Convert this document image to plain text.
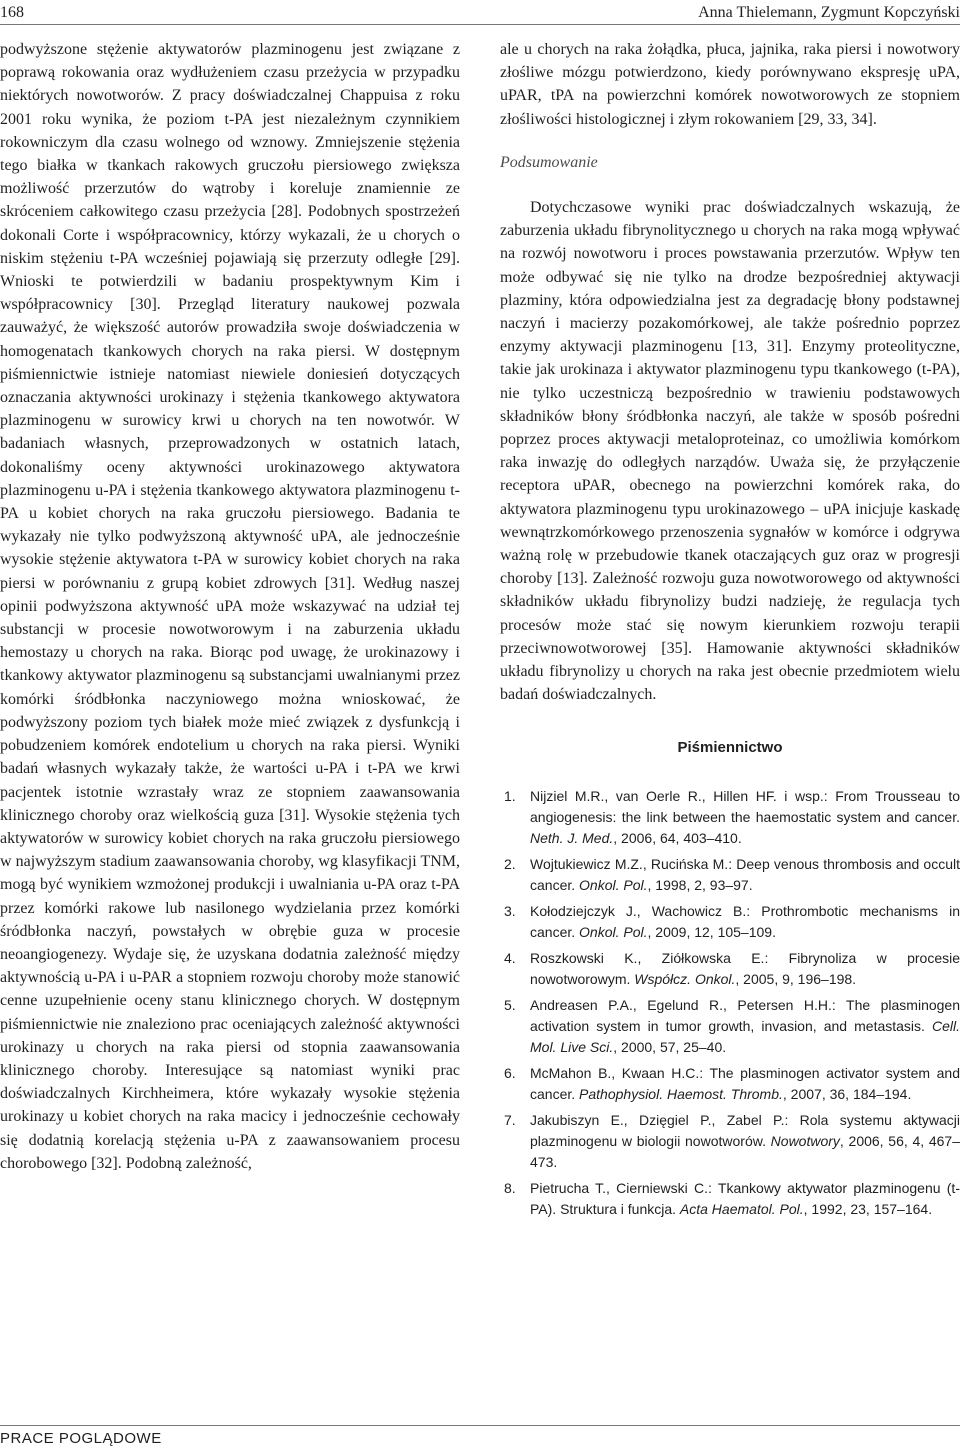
168	Anna Thielemann, Zygmunt Kopczyński

podwyższone stężenie aktywatorów plazminogenu jest związane z poprawą rokowania oraz wydłużeniem czasu przeżycia w przypadku niektórych nowotworów. Z pracy doświadczalnej Chappuisa z roku 2001 roku wynika, że poziom t-PA jest niezależnym czynnikiem rokowniczym dla czasu wolnego od wznowy. Zmniejszenie stężenia tego białka w tkankach rakowych gruczołu piersiowego zwiększa możliwość przerzutów do wątroby i koreluje znamiennie ze skróceniem całkowitego czasu przeżycia [28]. Podobnych spostrzeżeń dokonali Corte i współpracownicy, którzy wykazali, że u chorych o niskim stężeniu t-PA wcześniej pojawiają się przerzuty odległe [29]. Wnioski te potwierdzili w badaniu prospektywnym Kim i współpracownicy [30]. Przegląd literatury naukowej pozwala zauważyć, że większość autorów prowadziła swoje doświadczenia w homogenatach tkankowych chorych na raka piersi. W dostępnym piśmiennictwie istnieje natomiast niewiele doniesień dotyczących oznaczania aktywności urokinazy i stężenia tkankowego aktywatora plazminogenu w surowicy krwi u chorych na ten nowotwór. W badaniach własnych, przeprowadzonych w ostatnich latach, dokonaliśmy oceny aktywności urokinazowego aktywatora plazminogenu u-PA i stężenia tkankowego aktywatora plazminogenu t-PA u kobiet chorych na raka gruczołu piersiowego. Badania te wykazały nie tylko podwyższoną aktywność uPA, ale jednocześnie wysokie stężenie aktywatora t-PA w surowicy kobiet chorych na raka piersi w porównaniu z grupą kobiet zdrowych [31]. Według naszej opinii podwyższona aktywność uPA może wskazywać na udział tej substancji w procesie nowotworowym i na zaburzenia układu hemostazy u chorych na raka. Biorąc pod uwagę, że urokinazowy i tkankowy aktywator plazminogenu są substancjami uwalnianymi przez komórki śródbłonka naczyniowego można wnioskować, że podwyższony poziom tych białek może mieć związek z dysfunkcją i pobudzeniem komórek endotelium u chorych na raka piersi. Wyniki badań własnych wykazały także, że wartości u-PA i t-PA we krwi pacjentek istotnie wzrastały wraz ze stopniem zaawansowania klinicznego choroby oraz wielkością guza [31]. Wysokie stężenia tych aktywatorów w surowicy kobiet chorych na raka gruczołu piersiowego w najwyższym stadium zaawansowania choroby, wg klasyfikacji TNM, mogą być wynikiem wzmożonej produkcji i uwalniania u-PA oraz t-PA przez komórki rakowe lub nasilonego wydzielania przez komórki śródbłonka naczyń, powstałych w obrębie guza w procesie neoangiogenezy. Wydaje się, że uzyskana dodatnia zależność między aktywnością u-PA i u-PAR a stopniem rozwoju choroby może stanowić cenne uzupełnienie oceny stanu klinicznego chorych. W dostępnym piśmiennictwie nie znaleziono prac oceniających zależność aktywności urokinazy u chorych na raka piersi od stopnia zaawansowania klinicznego choroby. Interesujące są natomiast wyniki prac doświadczalnych Kirchheimera, które wykazały wysokie stężenia urokinazy u kobiet chorych na raka macicy i jednocześnie cechowały się dodatnią korelacją stężenia u-PA z zaawansowaniem procesu chorobowego [32]. Podobną zależność,

ale u chorych na raka żołądka, płuca, jajnika, raka piersi i nowotwory złośliwe mózgu potwierdzono, kiedy porównywano ekspresję uPA, uPAR, tPA na powierzchni komórek nowotworowych ze stopniem złośliwości histologicznej i złym rokowaniem [29, 33, 34].

Podsumowanie

Dotychczasowe wyniki prac doświadczalnych wskazują, że zaburzenia układu fibrynolitycznego u chorych na raka mogą wpływać na rozwój nowotworu i proces powstawania przerzutów. Wpływ ten może odbywać się nie tylko na drodze bezpośredniej aktywacji plazminy, która odpowiedzialna jest za degradację błony podstawnej naczyń i macierzy pozakomórkowej, ale także pośrednio poprzez enzymy aktywacji plazminogenu [13, 31]. Enzymy proteolityczne, takie jak urokinaza i aktywator plazminogenu typu tkankowego (t-PA), nie tylko uczestniczą bezpośrednio w trawieniu podstawowych składników błony śródbłonka naczyń, ale także w sposób pośredni poprzez proces aktywacji metaloproteinaz, co umożliwia komórkom raka inwazję do odległych narządów. Uważa się, że przyłączenie receptora uPAR, obecnego na powierzchni komórek raka, do aktywatora plazminogenu typu urokinazowego – uPA inicjuje kaskadę wewnątrzkomórkowego przenoszenia sygnałów w komórce i odgrywa ważną rolę w przebudowie tkanek otaczających guz oraz w progresji choroby [13]. Zależność rozwoju guza nowotworowego od aktywności składników układu fibrynolizy budzi nadzieję, że regulacja tych procesów może stać się nowym kierunkiem rozwoju terapii przeciwnowotworowej [35]. Hamowanie aktywności składników układu fibrynolizy u chorych na raka jest obecnie przedmiotem wielu badań doświadczalnych.

Piśmiennictwo
1. Nijziel M.R., van Oerle R., Hillen HF. i wsp.: From Trousseau to angiogenesis: the link between the haemostatic system and cancer. Neth. J. Med., 2006, 64, 403–410.
2. Wojtukiewicz M.Z., Rucińska M.: Deep venous thrombosis and occult cancer. Onkol. Pol., 1998, 2, 93–97.
3. Kołodziejczyk J., Wachowicz B.: Prothrombotic mechanisms in cancer. Onkol. Pol., 2009, 12, 105–109.
4. Roszkowski K., Ziółkowska E.: Fibrynoliza w procesie nowotworowym. Współcz. Onkol., 2005, 9, 196–198.
5. Andreasen P.A., Egelund R., Petersen H.H.: The plasminogen activation system in tumor growth, invasion, and metastasis. Cell. Mol. Live Sci., 2000, 57, 25–40.
6. McMahon B., Kwaan H.C.: The plasminogen activator system and cancer. Pathophysiol. Haemost. Thromb., 2007, 36, 184–194.
7. Jakubiszyn E., Dzięgiel P., Zabel P.: Rola systemu aktywacji plazminogenu w biologii nowotworów. Nowotwory, 2006, 56, 4, 467–473.
8. Pietrucha T., Cierniewski C.: Tkankowy aktywator plazminogenu (t-PA). Struktura i funkcja. Acta Haematol. Pol., 1992, 23, 157–164.
PRACE POGLĄDOWE
